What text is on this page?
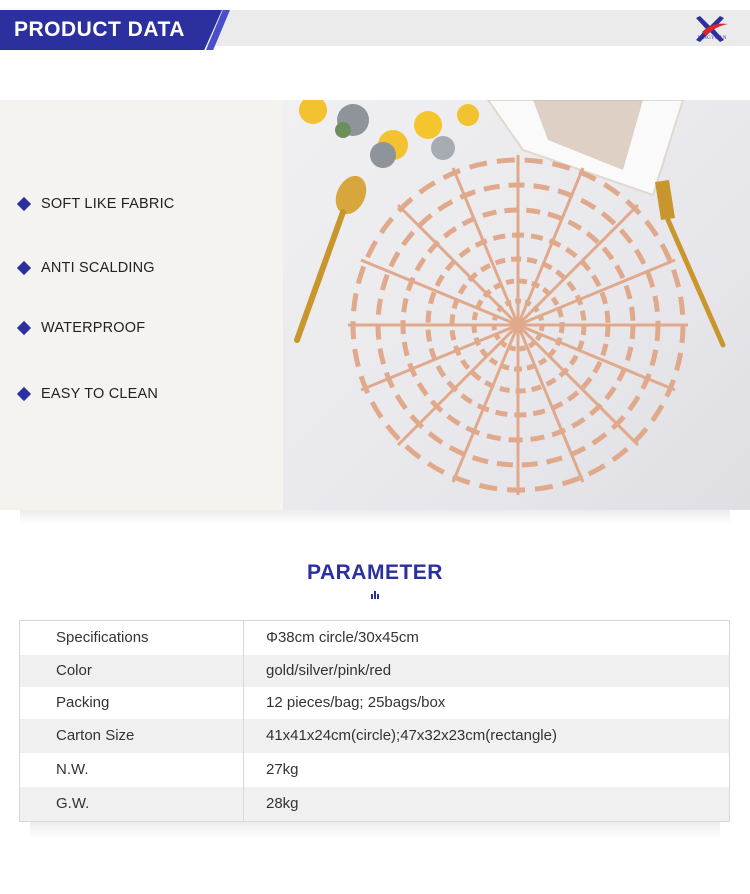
PRODUCT DATA	XINGYUAN
SOFT LIKE FABRIC
ANTI SCALDING
WATERPROOF
EASY TO CLEAN
PARAMETER
Specifications	Φ38cm circle/30x45cm
Color	gold/silver/pink/red
Packing	12 pieces/bag; 25bags/box
Carton Size	41x41x24cm(circle);47x32x23cm(rectangle)
N.W.	27kg
G.W.	28kg
